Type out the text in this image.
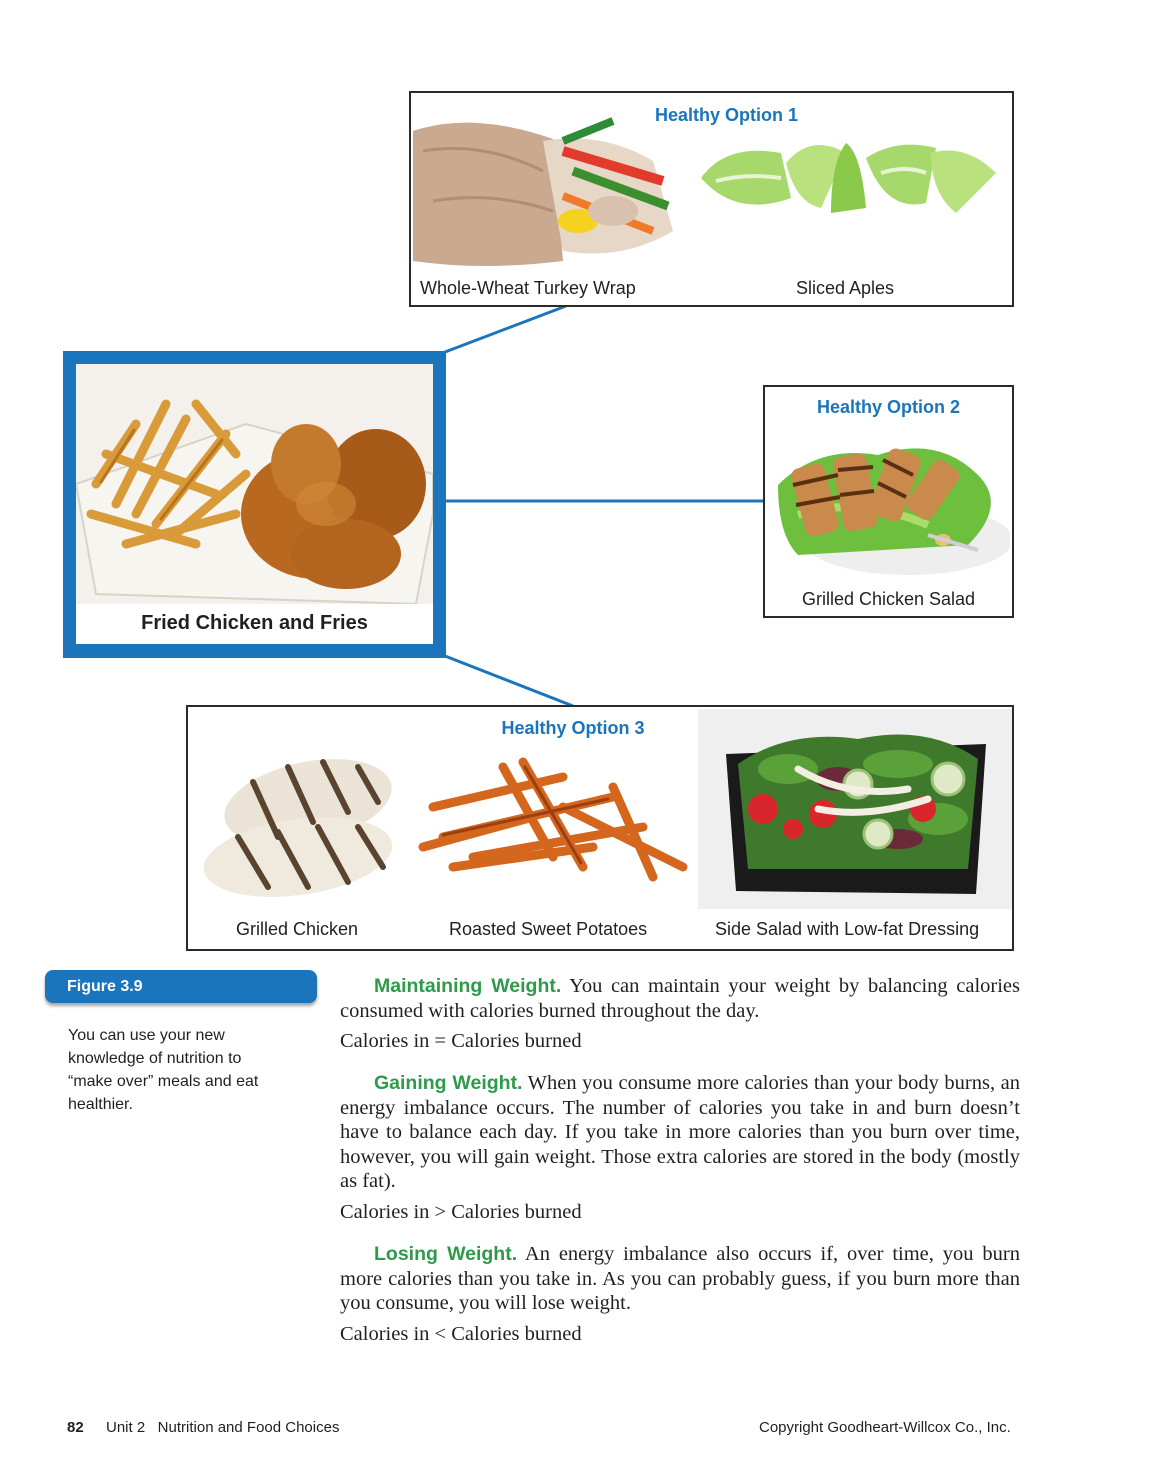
Healthy Option 1
Whole-Wheat Turkey Wrap	Sliced Aples
Fried Chicken and Fries
Healthy Option 2
Grilled Chicken Salad
Healthy Option 3
Grilled Chicken	Roasted Sweet Potatoes	Side Salad with Low-fat Dressing
Figure 3.9
You can use your new knowledge of nutrition to “make over” meals and eat healthier.
Maintaining Weight. You can maintain your weight by balancing calories consumed with calories burned throughout the day.
Calories in = Calories burned
Gaining Weight. When you consume more calories than your body burns, an energy imbalance occurs. The number of calories you take in and burn doesn’t have to balance each day. If you take in more calories than you burn over time, however, you will gain weight. Those extra calories are stored in the body (mostly as fat).
Calories in > Calories burned
Losing Weight. An energy imbalance also occurs if, over time, you burn more calories than you take in. As you can probably guess, if you burn more than you consume, you will lose weight.
Calories in < Calories burned
82 Unit 2   Nutrition and Food Choices	Copyright Goodheart-Willcox Co., Inc.
